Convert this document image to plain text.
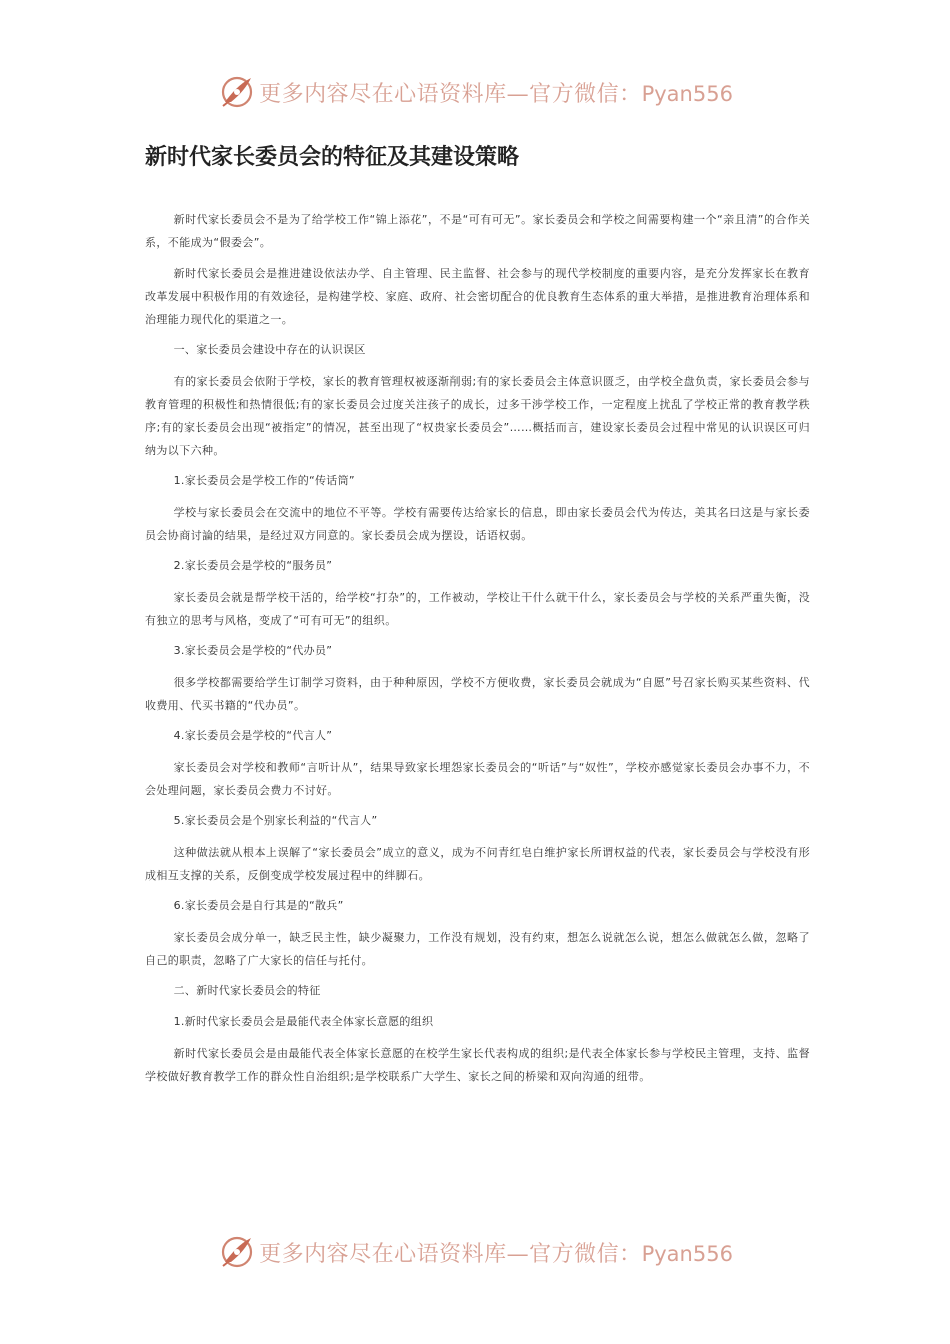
更多内容尽在心语资料库—官方微信：Pyan556
新时代家长委员会的特征及其建设策略

新时代家长委员会不是为了给学校工作“锦上添花”，不是“可有可无”。家长委员会和学校之间需要构建一个“亲且清”的合作关系，不能成为“假委会”。

新时代家长委员会是推进建设依法办学、自主管理、民主监督、社会参与的现代学校制度的重要内容，是充分发挥家长在教育改革发展中积极作用的有效途径，是构建学校、家庭、政府、社会密切配合的优良教育生态体系的重大举措，是推进教育治理体系和治理能力现代化的渠道之一。

一、家长委员会建设中存在的认识误区

有的家长委员会依附于学校，家长的教育管理权被逐渐削弱;有的家长委员会主体意识匮乏，由学校全盘负责，家长委员会参与教育管理的积极性和热情很低;有的家长委员会过度关注孩子的成长，过多干涉学校工作，一定程度上扰乱了学校正常的教育教学秩序;有的家长委员会出现“被指定”的情况，甚至出现了“权贵家长委员会”……概括而言，建设家长委员会过程中常见的认识误区可归纳为以下六种。

1.家长委员会是学校工作的“传话筒”

学校与家长委员会在交流中的地位不平等。学校有需要传达给家长的信息，即由家长委员会代为传达，美其名曰这是与家长委员会协商讨論的结果，是经过双方同意的。家长委员会成为摆设，话语权弱。

2.家长委员会是学校的“服务员”

家长委员会就是帮学校干活的，给学校“打杂”的，工作被动，学校让干什么就干什么，家长委员会与学校的关系严重失衡，没有独立的思考与风格，变成了“可有可无”的组织。

3.家长委员会是学校的“代办员”

很多学校都需要给学生订制学习资料，由于种种原因，学校不方便收费，家长委员会就成为“自愿”号召家长购买某些资料、代收费用、代买书籍的“代办员”。

4.家长委员会是学校的“代言人”

家长委员会对学校和教师“言听计从”，结果导致家长埋怨家长委员会的“听话”与“奴性”，学校亦感觉家长委员会办事不力，不会处理问题，家长委员会费力不讨好。

5.家长委员会是个别家长利益的“代言人”

这种做法就从根本上误解了“家长委员会”成立的意义，成为不问青红皂白维护家长所谓权益的代表，家长委员会与学校没有形成相互支撑的关系，反倒变成学校发展过程中的绊脚石。

6.家长委员会是自行其是的“散兵”

家长委员会成分单一，缺乏民主性，缺少凝聚力，工作没有规划，没有约束，想怎么说就怎么说，想怎么做就怎么做，忽略了自己的职责，忽略了广大家长的信任与托付。

二、新时代家长委员会的特征

1.新时代家长委员会是最能代表全体家长意愿的组织

新时代家长委员会是由最能代表全体家长意愿的在校学生家长代表构成的组织;是代表全体家长参与学校民主管理，支持、监督学校做好教育教学工作的群众性自治组织;是学校联系广大学生、家长之间的桥梁和双向沟通的纽带。

更多内容尽在心语资料库—官方微信：Pyan556
